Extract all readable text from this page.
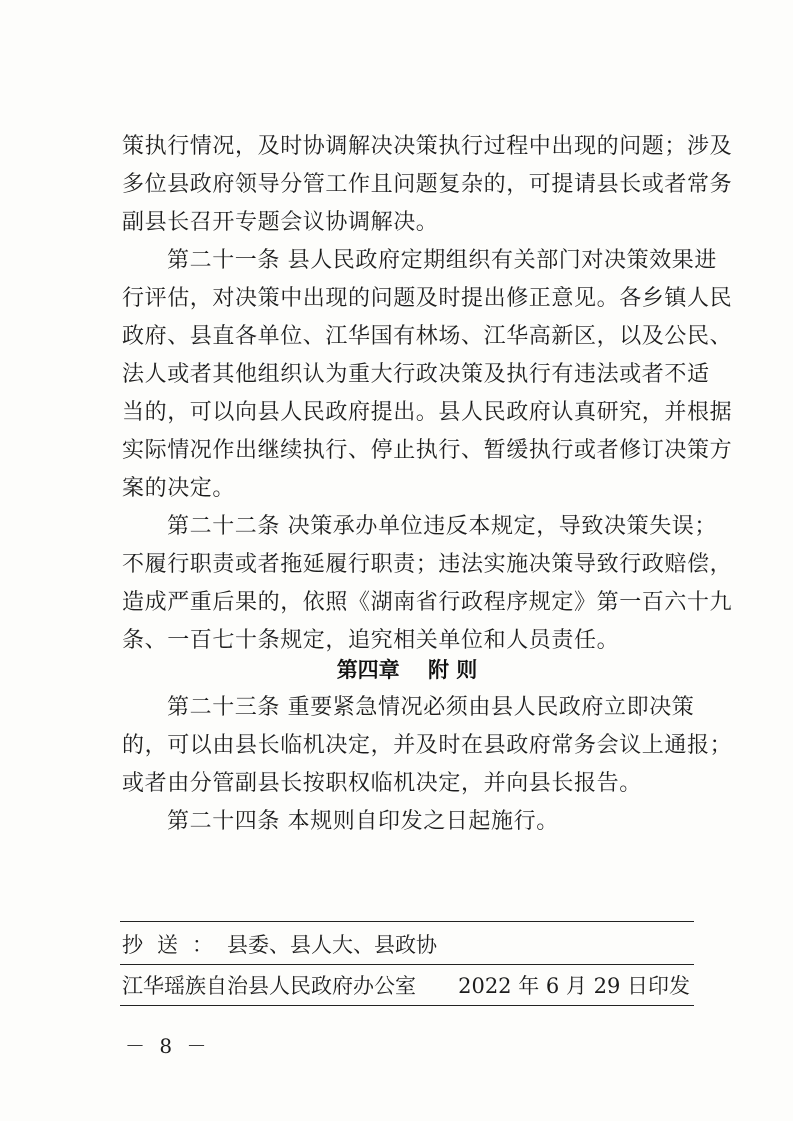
策执行情况，及时协调解决决策执行过程中出现的问题；涉及
多位县政府领导分管工作且问题复杂的，可提请县长或者常务
副县长召开专题会议协调解决。
第二十一条 县人民政府定期组织有关部门对决策效果进
行评估，对决策中出现的问题及时提出修正意见。各乡镇人民
政府、县直各单位、江华国有林场、江华高新区，以及公民、
法人或者其他组织认为重大行政决策及执行有违法或者不适
当的，可以向县人民政府提出。县人民政府认真研究，并根据
实际情况作出继续执行、停止执行、暂缓执行或者修订决策方
案的决定。
第二十二条 决策承办单位违反本规定，导致决策失误；
不履行职责或者拖延履行职责；违法实施决策导致行政赔偿，
造成严重后果的，依照《湖南省行政程序规定》第一百六十九
条、一百七十条规定，追究相关单位和人员责任。
第四章　 附 则
第二十三条 重要紧急情况必须由县人民政府立即决策
的，可以由县长临机决定，并及时在县政府常务会议上通报；
或者由分管副县长按职权临机决定，并向县长报告。
第二十四条 本规则自印发之日起施行。
抄送：县委、县人大、县政协
江华瑶族自治县人民政府办公室 2022 年 6 月 29 日印发
－ 8 －
